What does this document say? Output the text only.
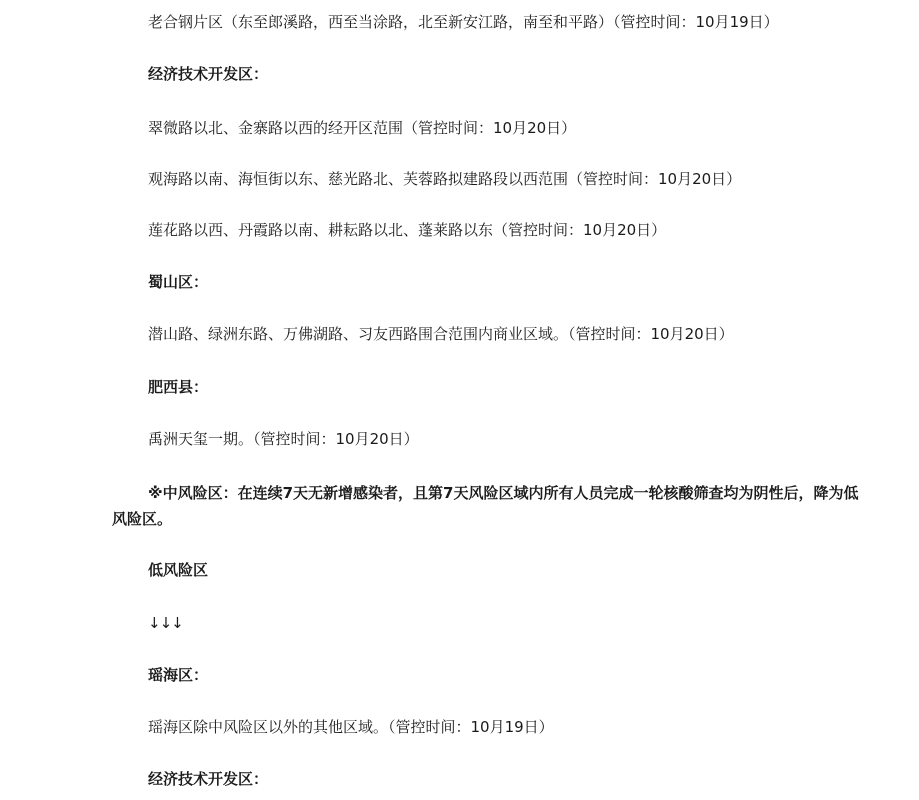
老合钢片区（东至郎溪路，西至当涂路，北至新安江路，南至和平路）（管控时间：10月19日）

经济技术开发区：

翠微路以北、金寨路以西的经开区范围（管控时间：10月20日）

观海路以南、海恒街以东、慈光路北、芙蓉路拟建路段以西范围（管控时间：10月20日）

莲花路以西、丹霞路以南、耕耘路以北、蓬莱路以东（管控时间：10月20日）

蜀山区：

潜山路、绿洲东路、万佛湖路、习友西路围合范围内商业区域。（管控时间：10月20日）

肥西县：

禹洲天玺一期。（管控时间：10月20日）

※中风险区：在连续7天无新增感染者，且第7天风险区域内所有人员完成一轮核酸筛查均为阴性后，降为低风险区。

低风险区

↓↓↓

瑶海区：

瑶海区除中风险区以外的其他区域。（管控时间：10月19日）

经济技术开发区：
